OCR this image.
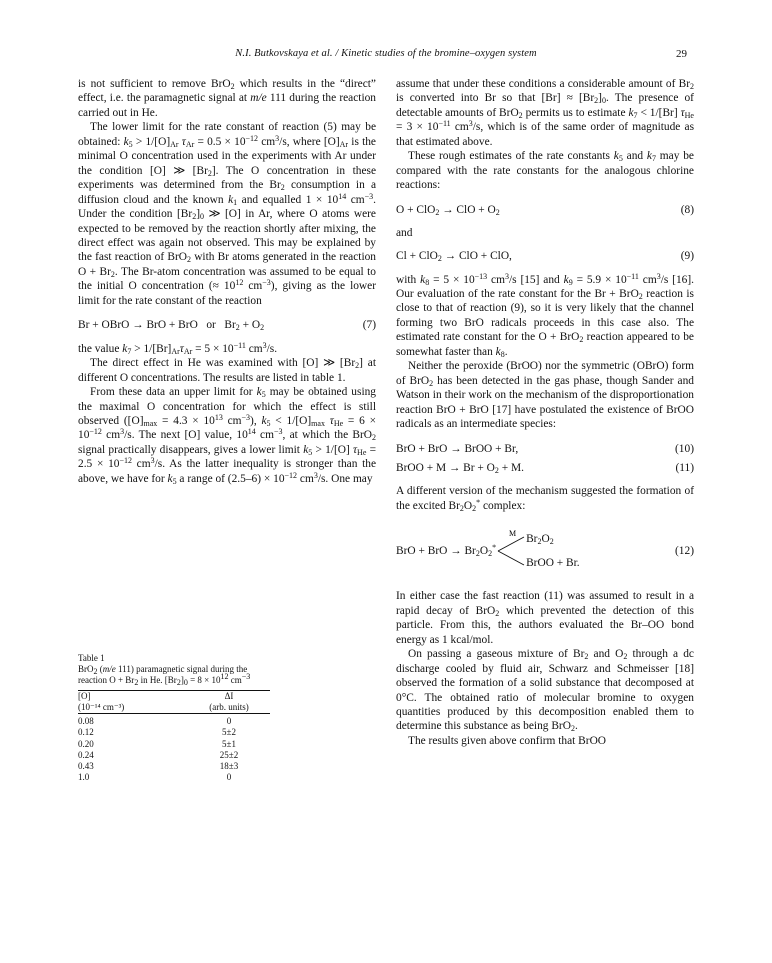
N.I. Butkovskaya et al. / Kinetic studies of the bromine–oxygen system	29

is not sufficient to remove BrO$_2$ which results in the “direct” effect, i.e. the paramagnetic signal at m/e 111 during the reaction carried out in He.

The lower limit for the rate constant of reaction (5) may be obtained: $k_5 > 1/[O]_{Ar}$ $\tau_{Ar} = 0.5 \times 10^{-12}$ $cm^3/s$, where $[O]_{Ar}$ is the minimal O concentration used in the experiments with Ar under the condition [O] ≫ $[Br_2]$. The O concentration in these experiments was determined from the $Br_2$ consumption in a diffusion cloud and the known $k_1$ and equalled $1 \times 10^{14}$ $cm^{-3}$. Under the condition $[Br_2]_0$ ≫ [O] in Ar, where O atoms were expected to be removed by the reaction shortly after mixing, the direct effect was again not observed. This may be explained by the fast reaction of BrO$_2$ with Br atoms generated in the reaction $O + Br_2$. The Br-atom concentration was assumed to be equal to the initial O concentration (≈ $10^{12}$ $cm^{-3}$), giving as the lower limit for the rate constant of the reaction

Br + OBrO → BrO + BrO   or   $Br_2 + O_2$	(7)

the value $k_7 > 1/[Br]_{Ar}\tau_{Ar} = 5 \times 10^{-11}$ $cm^3/s$.

The direct effect in He was examined with [O] ≫ $[Br_2]$ at different O concentrations. The results are listed in table 1.

From these data an upper limit for $k_5$ may be obtained using the maximal O concentration for which the effect is still observed ($[O]_{max} = 4.3 \times 10^{13}$ $cm^{-3}$), $k_5 < 1/[O]_{max}$ $\tau_{He} = 6 \times 10^{-12}$ $cm^3/s$. The next [O] value, $10^{14}$ $cm^{-3}$, at which the BrO$_2$ signal practically disappears, gives a lower limit $k_5 > 1/[O] \tau_{He} = 2.5 \times 10^{-12}$ $cm^3/s$. As the latter inequality is stronger than the above, we have for $k_5$ a range of $(2.5-6) \times 10^{-12}$ $cm^3/s$. One may

Table 1
BrO$_2$ (m/e 111) paramagnetic signal during the reaction $O + Br_2$ in He. $[Br_2]_0 = 8 \times 10^{12}$ $cm^{-3}$
[O]	ΔI
(10⁻¹⁴ cm⁻³)	(arb. units)

0.08	0
0.12	5±2
0.20	5±1
0.24	25±2
0.43	18±3
1.0	0

assume that under these conditions a considerable amount of $Br_2$ is converted into Br so that $[Br] \approx [Br_2]_0$. The presence of detectable amounts of BrO$_2$ permits us to estimate $k_7 < 1/[Br] \tau_{He} = 3 \times 10^{-11}$ $cm^3/s$, which is of the same order of magnitude as that estimated above.

These rough estimates of the rate constants $k_5$ and $k_7$ may be compared with the rate constants for the analogous chlorine reactions:

O + ClO$_2$ → ClO + $O_2$	(8)
and
Cl + ClO$_2$ → ClO + ClO,	(9)

with $k_8 = 5 \times 10^{-13}$ $cm^3/s$ [15] and $k_9 = 5.9 \times 10^{-11}$ $cm^3/s$ [16]. Our evaluation of the rate constant for the Br + BrO$_2$ reaction is close to that of reaction (9), so it is very likely that the channel forming two BrO radicals proceeds in this case also. The estimated rate constant for the O + BrO$_2$ reaction appeared to be somewhat faster than $k_8$.

Neither the peroxide (BrOO) nor the symmetric (OBrO) form of BrO$_2$ has been detected in the gas phase, though Sander and Watson in their work on the mechanism of the disproportionation reaction BrO + BrO [17] have postulated the existence of BrOO radicals as an intermediate species:

BrO + BrO → BrOO + Br,	(10)
BrOO + $M \to Br + O_2 + M$.	(11)

A different version of the mechanism suggested the formation of the excited $Br_2O_2^*$ complex:

BrO + BrO → $Br_2O_2^*$
M $Br_2O_2$
BrOO + Br.
(12)

In either case the fast reaction (11) was assumed to result in a rapid decay of BrO$_2$ which prevented the detection of this particle. From this, the authors evaluated the Br–OO bond energy as 1 kcal/mol.

On passing a gaseous mixture of $Br_2$ and $O_2$ through a dc discharge cooled by fluid air, Schwarz and Schmeisser [18] observed the formation of a solid substance that decomposed at 0°C. The obtained ratio of molecular bromine to oxygen quantities produced by this decomposition enabled them to determine this substance as being BrO$_2$.

The results given above confirm that BrOO
